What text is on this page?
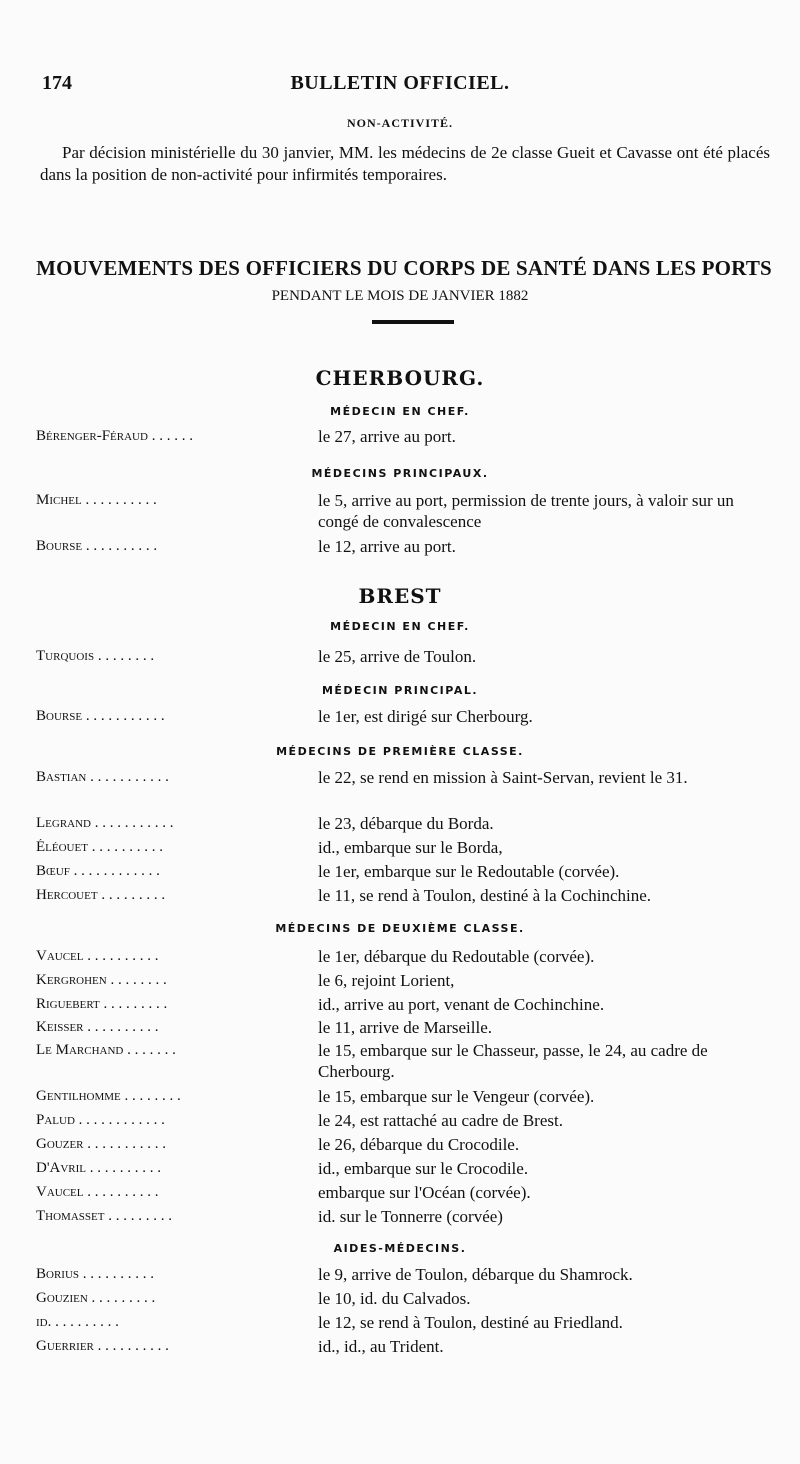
174	BULLETIN OFFICIEL.
NON-ACTIVITÉ.
Par décision ministérielle du 30 janvier, MM. les médecins de 2e classe Gueit et Cavasse ont été placés dans la position de non-activité pour infirmités temporaires.
MOUVEMENTS DES OFFICIERS DU CORPS DE SANTÉ DANS LES PORTS
PENDANT LE MOIS DE JANVIER 1882
CHERBOURG.
MÉDECIN EN CHEF.
Bérenger-Féraud . . . . . .	le 27, arrive au port.
MÉDECINS PRINCIPAUX.
Michel . . . . . . . . . .	le 5, arrive au port, permission de trente jours, à valoir sur un congé de convalescence
Bourse . . . . . . . . . .	le 12, arrive au port.
BREST
MÉDECIN EN CHEF.
Turquois . . . . . . . .	le 25, arrive de Toulon.
MÉDECIN PRINCIPAL.
Bourse . . . . . . . . . . .	le 1er, est dirigé sur Cherbourg.
MÉDECINS DE PREMIÈRE CLASSE.
Bastian . . . . . . . . . . .	le 22, se rend en mission à Saint-Servan, revient le 31.
Legrand . . . . . . . . . . .	le 23, débarque du Borda.
Éléouet . . . . . . . . . .	id., embarque sur le Borda,
Bœuf . . . . . . . . . . . .	le 1er, embarque sur le Redoutable (corvée).
Hercouet . . . . . . . . .	le 11, se rend à Toulon, destiné à la Cochinchine.
MÉDECINS DE DEUXIÈME CLASSE.
Vaucel . . . . . . . . . .	le 1er, débarque du Redoutable (corvée).
Kergrohen . . . . . . . .	le 6, rejoint Lorient,
Riguebert . . . . . . . . .	id., arrive au port, venant de Cochinchine.
Keisser . . . . . . . . . .	le 11, arrive de Marseille.
Le Marchand . . . . . . .	le 15, embarque sur le Chasseur, passe, le 24, au cadre de Cherbourg.
Gentilhomme . . . . . . . .	le 15, embarque sur le Vengeur (corvée).
Palud . . . . . . . . . . . .	le 24, est rattaché au cadre de Brest.
Gouzer . . . . . . . . . . .	le 26, débarque du Crocodile.
D'Avril . . . . . . . . . .	id., embarque sur le Crocodile.
Vaucel . . . . . . . . . .	embarque sur l'Océan (corvée).
Thomasset . . . . . . . . .	id. sur le Tonnerre (corvée)
AIDES-MÉDECINS.
Borius . . . . . . . . . .	le 9, arrive de Toulon, débarque du Shamrock.
Gouzien . . . . . . . . .	le 10, id. du Calvados.
id. . . . . . . . . .	le 12, se rend à Toulon, destiné au Friedland.
Guerrier . . . . . . . . . .	id., id., au Trident.
